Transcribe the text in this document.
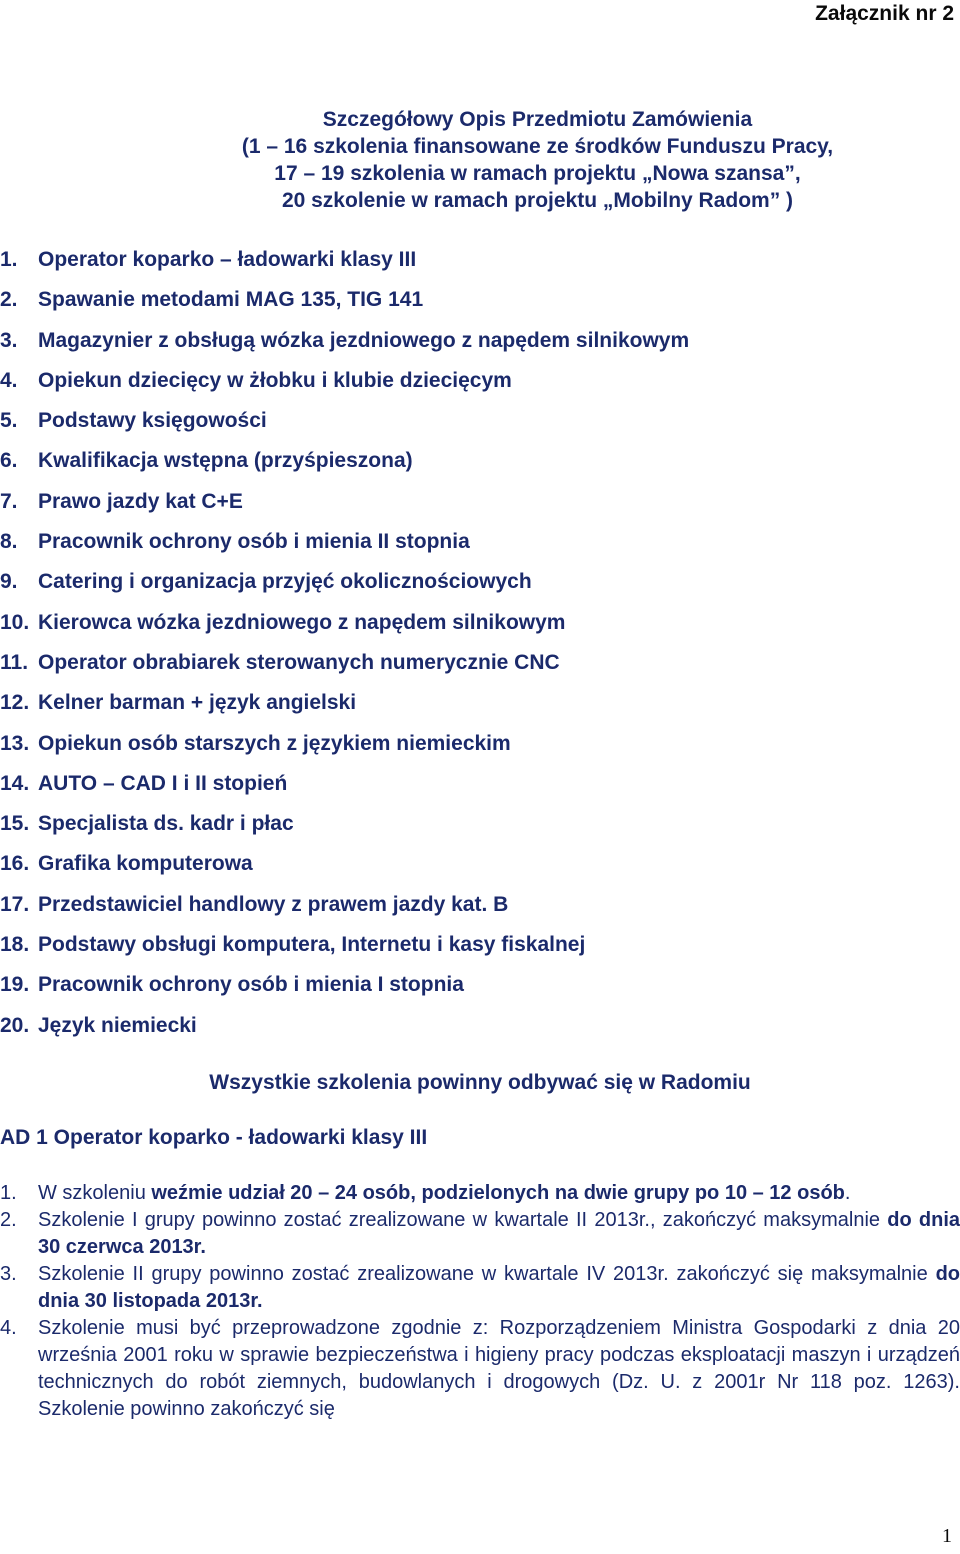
Załącznik nr 2
Szczegółowy Opis Przedmiotu Zamówienia
(1 – 16 szkolenia finansowane ze środków Funduszu Pracy,
17 – 19 szkolenia w ramach projektu „Nowa szansa”,
20 szkolenie w ramach projektu „Mobilny Radom” )
1. Operator koparko – ładowarki klasy III
2. Spawanie metodami MAG 135, TIG 141
3. Magazynier z obsługą wózka jezdniowego z napędem silnikowym
4. Opiekun dziecięcy w żłobku i klubie dziecięcym
5. Podstawy księgowości
6. Kwalifikacja wstępna (przyśpieszona)
7. Prawo jazdy kat C+E
8. Pracownik ochrony osób i mienia II stopnia
9. Catering i organizacja przyjęć okolicznościowych
10. Kierowca wózka jezdniowego z napędem silnikowym
11. Operator obrabiarek sterowanych numerycznie CNC
12. Kelner barman + język angielski
13. Opiekun osób starszych z językiem niemieckim
14. AUTO – CAD I i II stopień
15. Specjalista ds. kadr i płac
16. Grafika komputerowa
17. Przedstawiciel handlowy z prawem jazdy kat. B
18. Podstawy obsługi komputera, Internetu i kasy fiskalnej
19. Pracownik ochrony osób i mienia I stopnia
20. Język niemiecki
Wszystkie szkolenia powinny odbywać się w Radomiu
AD 1 Operator koparko - ładowarki klasy III
1.	W szkoleniu weźmie udział 20 – 24 osób, podzielonych na dwie grupy po 10 – 12 osób.
2.	Szkolenie I grupy powinno zostać zrealizowane w kwartale II 2013r., zakończyć maksymalnie do dnia 30 czerwca 2013r.
3.	Szkolenie II grupy powinno zostać zrealizowane w kwartale IV 2013r. zakończyć się maksymalnie do dnia 30 listopada 2013r.
4.	Szkolenie musi być przeprowadzone zgodnie z: Rozporządzeniem Ministra Gospodarki z dnia 20 września 2001 roku w sprawie bezpieczeństwa i higieny pracy podczas eksploatacji maszyn i urządzeń technicznych do robót ziemnych, budowlanych i drogowych (Dz. U. z 2001r Nr 118 poz. 1263). Szkolenie powinno zakończyć się
1
